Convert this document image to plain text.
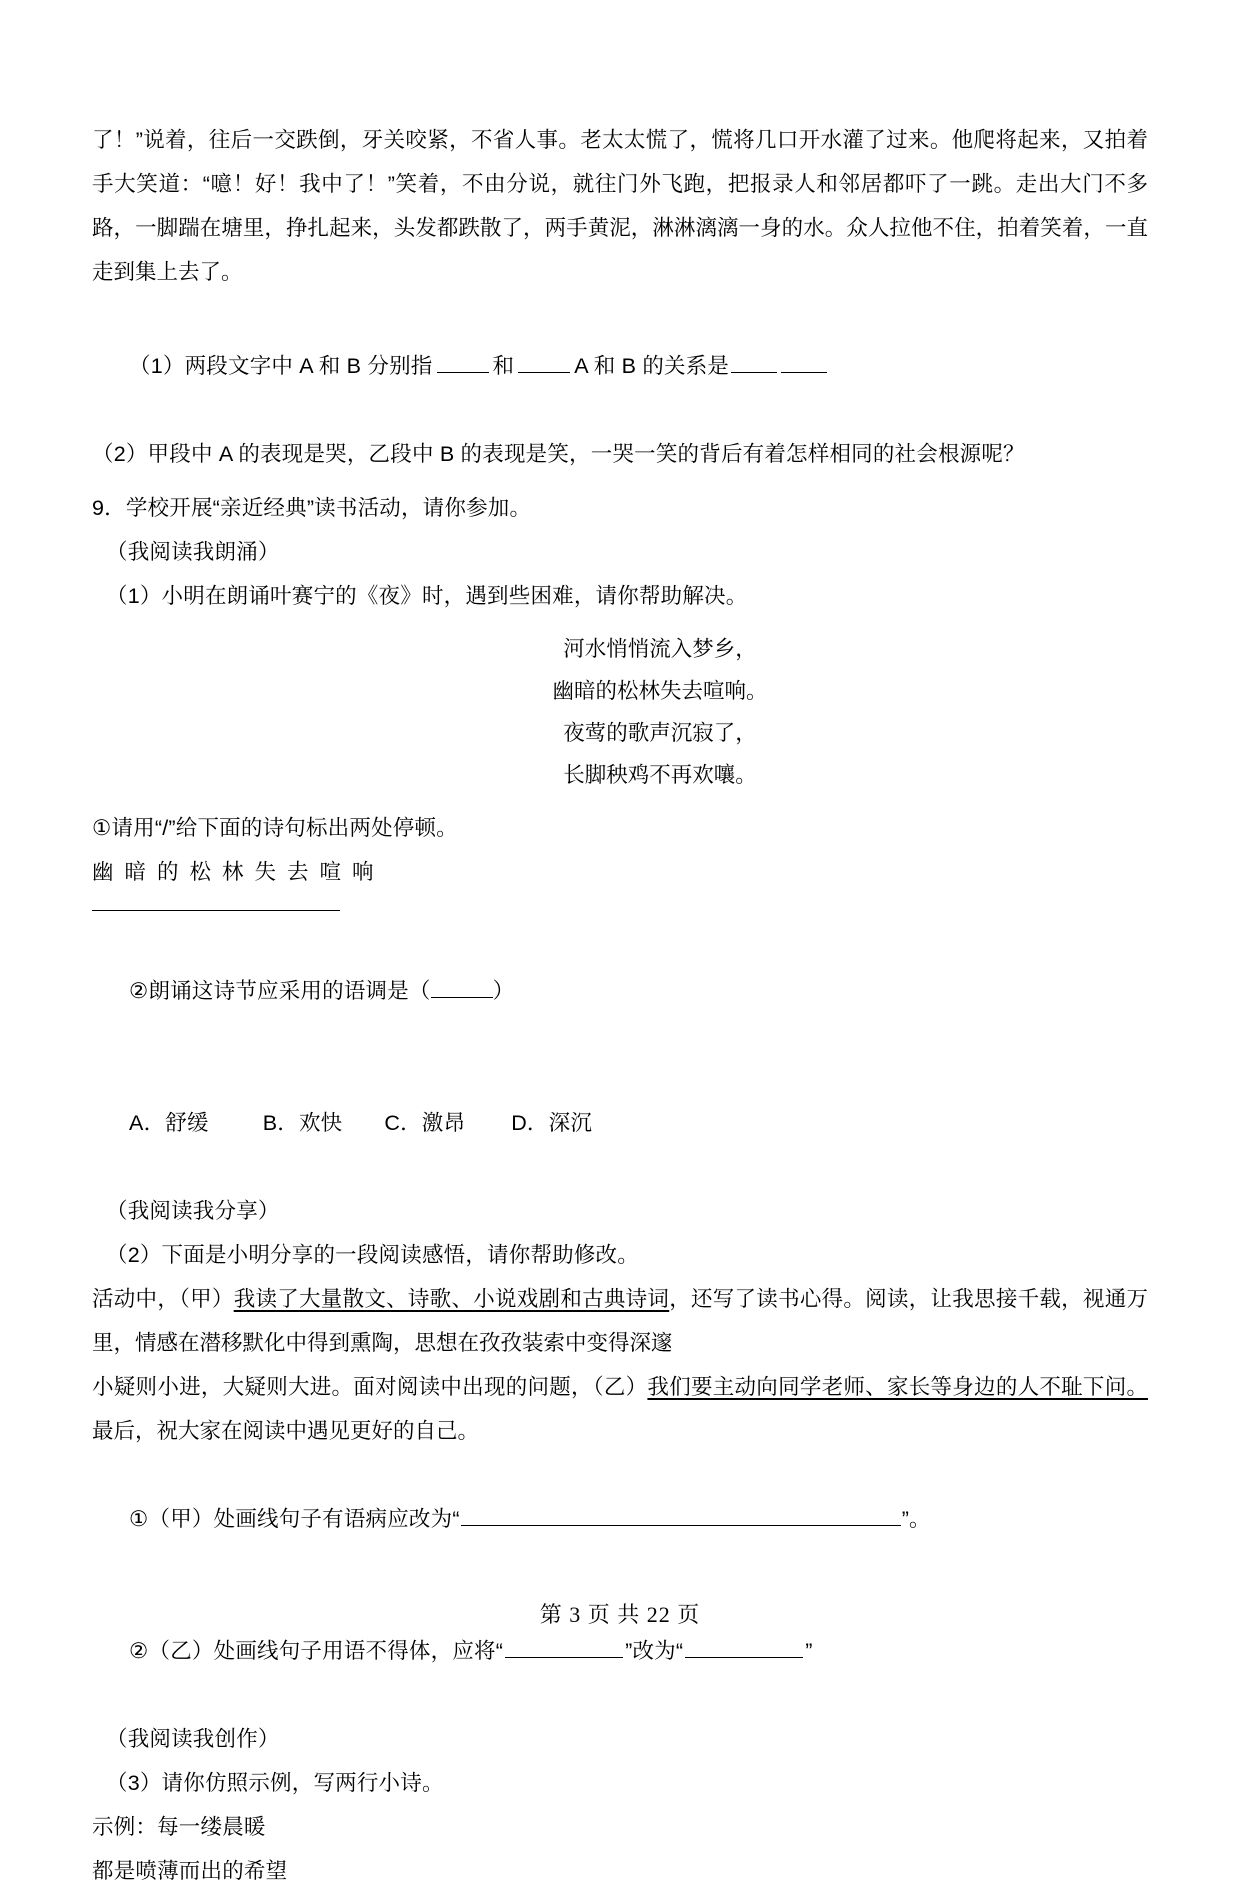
了！”说着，往后一交跌倒，牙关咬紧，不省人事。老太太慌了，慌将几口开水灌了过来。他爬将起来，又拍着手大笑道：“噫！好！我中了！”笑着，不由分说，就往门外飞跑，把报录人和邻居都吓了一跳。走出大门不多路，一脚踹在塘里，挣扎起来，头发都跌散了，两手黄泥，淋淋漓漓一身的水。众人拉他不住，拍着笑着，一直走到集上去了。

（1）两段文字中 A 和 B 分别指	和	A 和 B 的关系是

（2）甲段中 A 的表现是哭，乙段中 B 的表现是笑，一哭一笑的背后有着怎样相同的社会根源呢？
9．学校开展“亲近经典”读书活动，请你参加。
（我阅读我朗涌）
（1）小明在朗诵叶赛宁的《夜》时，遇到些困难，请你帮助解决。
河水悄悄流入梦乡，
幽暗的松林失去喧响。
夜莺的歌声沉寂了，
长脚秧鸡不再欢嚷。
①请用“/”给下面的诗句标出两处停顿。
幽暗的松林失去喧响

②朗诵这诗节应采用的语调是（	）

A．舒缓	B．欢快 C．激昂 D．深沉

（我阅读我分享）
（2）下面是小明分享的一段阅读感悟，请你帮助修改。
活动中，（甲）我读了大量散文、诗歌、小说戏剧和古典诗词，还写了读书心得。阅读，让我思接千载，视通万里，情感在潜移默化中得到熏陶，思想在孜孜装索中变得深邃
小疑则小进，大疑则大进。面对阅读中出现的问题，（乙）我们要主动向同学老师、家长等身边的人不耻下问。最后，祝大家在阅读中遇见更好的自己。

①（甲）处画线句子有语病应改为“	”。

②（乙）处画线句子用语不得体，应将“	”改为“	”

（我阅读我创作）
（3）请你仿照示例，写两行小诗。
示例：每一缕晨暖
都是喷薄而出的希望
第 3 页 共 22 页
